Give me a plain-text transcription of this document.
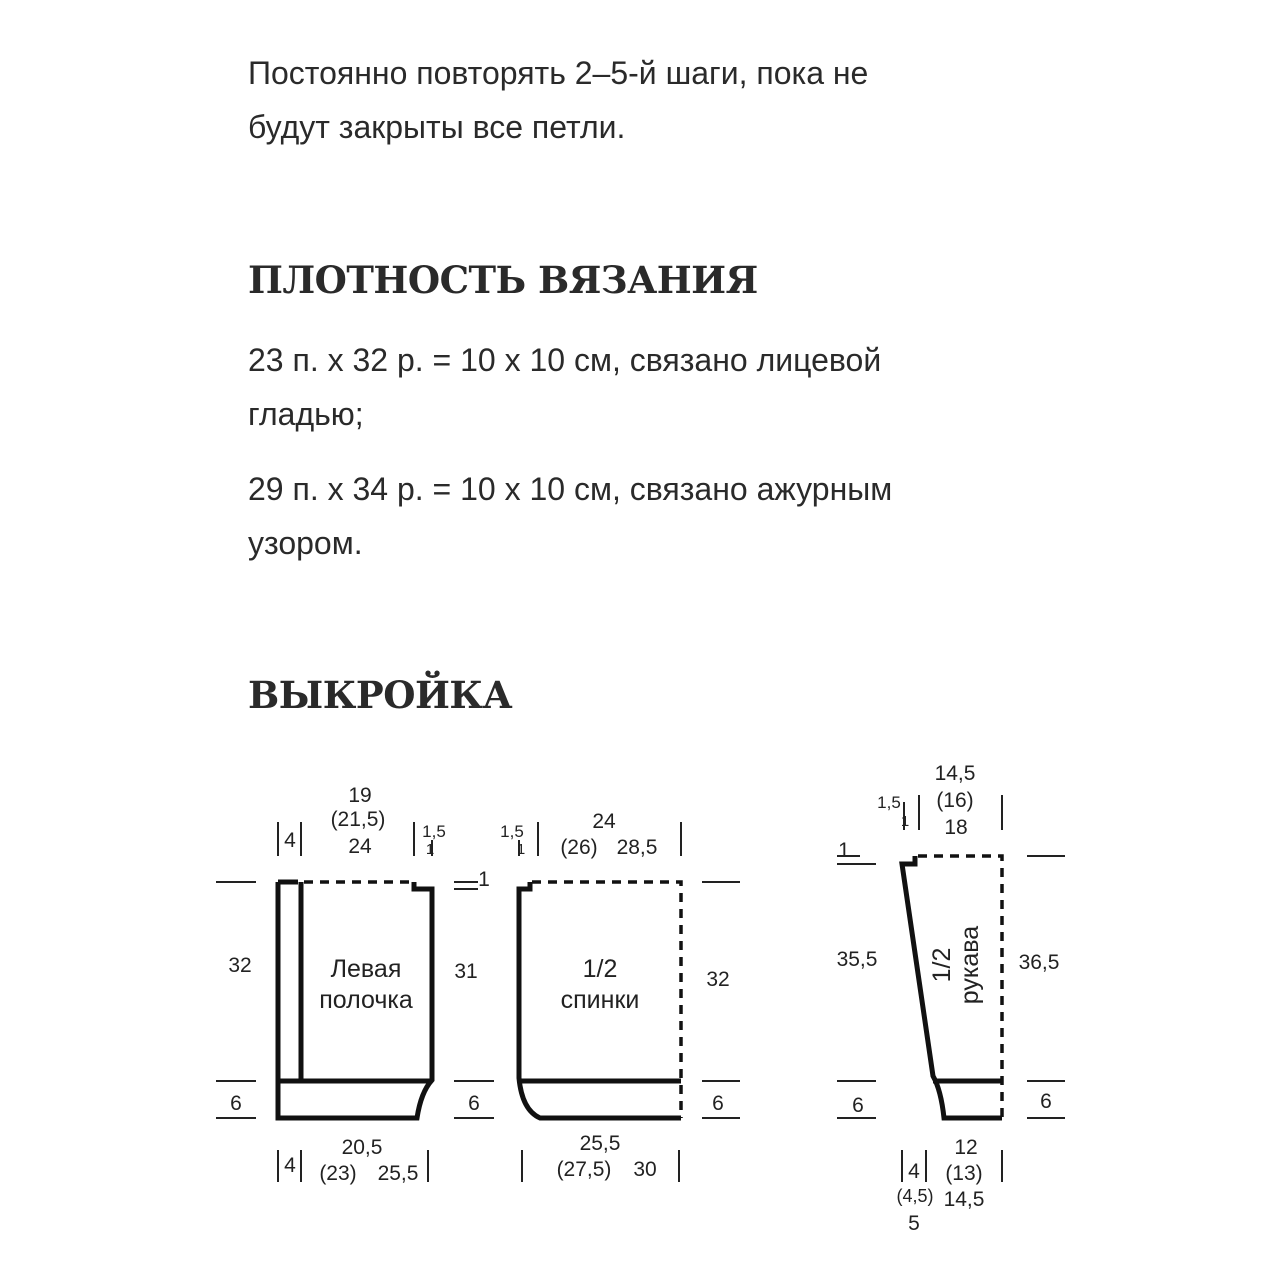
Постоянно повторять 2–5-й шаги, пока не
будут закрыты все петли.

ПЛОТНОСТЬ ВЯЗАНИЯ

23 п. х 32 р. = 10 х 10 см, связано лицевой
гладью;

29 п. х 34 р. = 10 х 10 см, связано ажурным
узором.

ВЫКРОЙКА
Левая
полочка
19
(21,5)
24
4	1,5
1
1
32	31
6	6
4
20,5
(23) 25,5
1/2
спинки
1,5
1
24
(26) 28,5
32
6
25,5
(27,5) 30
1/2 рукава
14,5
(16)
18
1,5
1
1
35,5	36,5
6	6
4
(4,5)
5
12
(13)
14,5
